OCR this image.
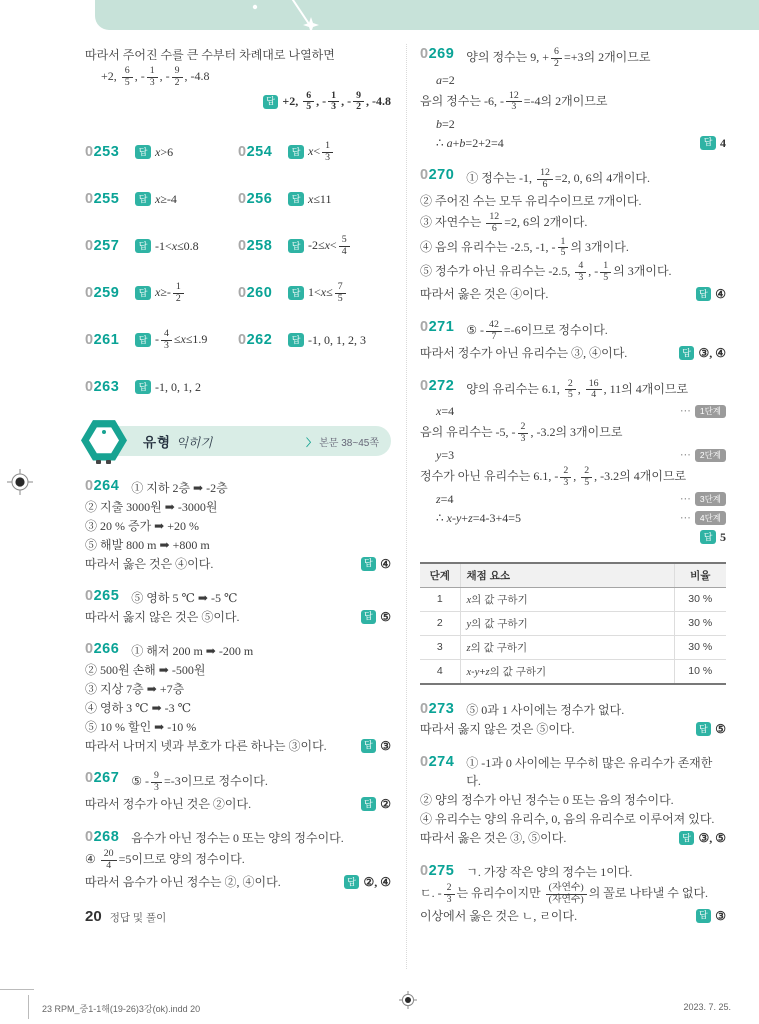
따라서 주어진 수를 큰 수부터 차례대로 나열하면
+2, $\frac{6}{5}$ , - $\frac{1}{3}$ , - $\frac{9}{2}$ , -4.8
답 +2, $\frac{6}{5}$ , - $\frac{1}{3}$ , - $\frac{9}{2}$ , -4.8
0253	답 x>6	0254	답 $x< \frac{1}{3}$
0255	답 x≥-4	0256	답 x≤11
0257	답 -1<x≤0.8	0258	답 $-2\le x< \frac{5}{4}$
0259	답 $x\ge- \frac{1}{2}$	0260	답 $1<x\le \frac{7}{5}$
0261	답 - $\frac{4}{3} \le x\le 1.9$ 0262	답 -1, 0, 1, 2, 3
0263	답 -1, 0, 1, 2
유형 익히기	〉 본문 38~45쪽
0264 ① 지하 2층 ➡ -2층
② 지출 3000원 ➡ -3000원
③ 20 % 증가 ➡ +20 %
⑤ 해발 800 m ➡ +800 m
따라서 옳은 것은 ④이다.	답 ④
0265 ⑤ 영하 5 ℃ ➡ -5 ℃
따라서 옳지 않은 것은 ⑤이다.	답 ⑤
0266 ① 해저 200 m ➡ -200 m
② 500원 손해 ➡ -500원
③ 지상 7층 ➡ +7층
④ 영하 3 ℃ ➡ -3 ℃
⑤ 10 % 할인 ➡ -10 %
따라서 나머지 넷과 부호가 다른 하나는 ③이다.	답 ③
0267 ⑤ - $\frac{9}{3} =-3$이므로 정수이다.
따라서 정수가 아닌 것은 ②이다.	답 ②
0268 음수가 아닌 정수는 0 또는 양의 정수이다.
④ $\frac{20}{4} =5$이므로 양의 정수이다.
따라서 음수가 아닌 정수는 ②, ④이다.	답 ②, ④
20 정답 및 풀이
0269 양의 정수는 9, + $\frac{6}{2} =+3$의 2개이므로
a=2
음의 정수는 -6, - $\frac{12}{3} =-4$의 2개이므로
b=2
∴ a+b=2+2=4	답 4
0270 ① 정수는 -1, $\frac{12}{6} =2$, 0, 6의 4개이다.
② 주어진 수는 모두 유리수이므로 7개이다.
③ 자연수는 $\frac{12}{6} =2$, 6의 2개이다.
④ 음의 유리수는 -2.5, -1, - $\frac{1}{5}$ 의 3개이다.
⑤ 정수가 아닌 유리수는 -2.5, $\frac{4}{3}$ , - $\frac{1}{5}$ 의 3개이다.
따라서 옳은 것은 ④이다.	답 ④
0271 ⑤ - $\frac{42}{7} =-6$이므로 정수이다.
따라서 정수가 아닌 유리수는 ③, ④이다.	답 ③, ④
0272 양의 유리수는 6.1, $\frac{2}{5}$ , $\frac{16}{4}$ , 11의 4개이므로
x=4	⋯	1단계
음의 유리수는 -5, - $\frac{2}{3}$ , -3.2의 3개이므로
y=3	⋯	2단계
정수가 아닌 유리수는 6.1, - $\frac{2}{3}$ , $\frac{2}{5}$ , -3.2의 4개이므로
z=4	⋯	3단계
∴ x-y+z=4-3+4=5	⋯	4단계
답 5
단계	채점 요소	비율
1	x의 값 구하기	30 %
2	y의 값 구하기	30 %
3	z의 값 구하기	30 %
4	x-y+z의 값 구하기	10 %
0273 ⑤ 0과 1 사이에는 정수가 없다.
따라서 옳지 않은 것은 ⑤이다.	답 ⑤
0274 ① -1과 0 사이에는 무수히 많은 유리수가 존재한다.
② 양의 정수가 아닌 정수는 0 또는 음의 정수이다.
④ 유리수는 양의 유리수, 0, 음의 유리수로 이루어져 있다.
따라서 옳은 것은 ③, ⑤이다.	답 ③, ⑤
0275 ㄱ. 가장 작은 양의 정수는 1이다.
ㄷ. - $\frac{2}{3}$ 는 유리수이지만 $\frac{\text{(자연수)}}{\text{(자연수)}}$ 의 꼴로 나타낼 수 없다.
이상에서 옳은 것은 ㄴ, ㄹ이다.	답 ③
23 RPM_중1-1해(19-26)3강(ok).indd 20	2023. 7. 25.
